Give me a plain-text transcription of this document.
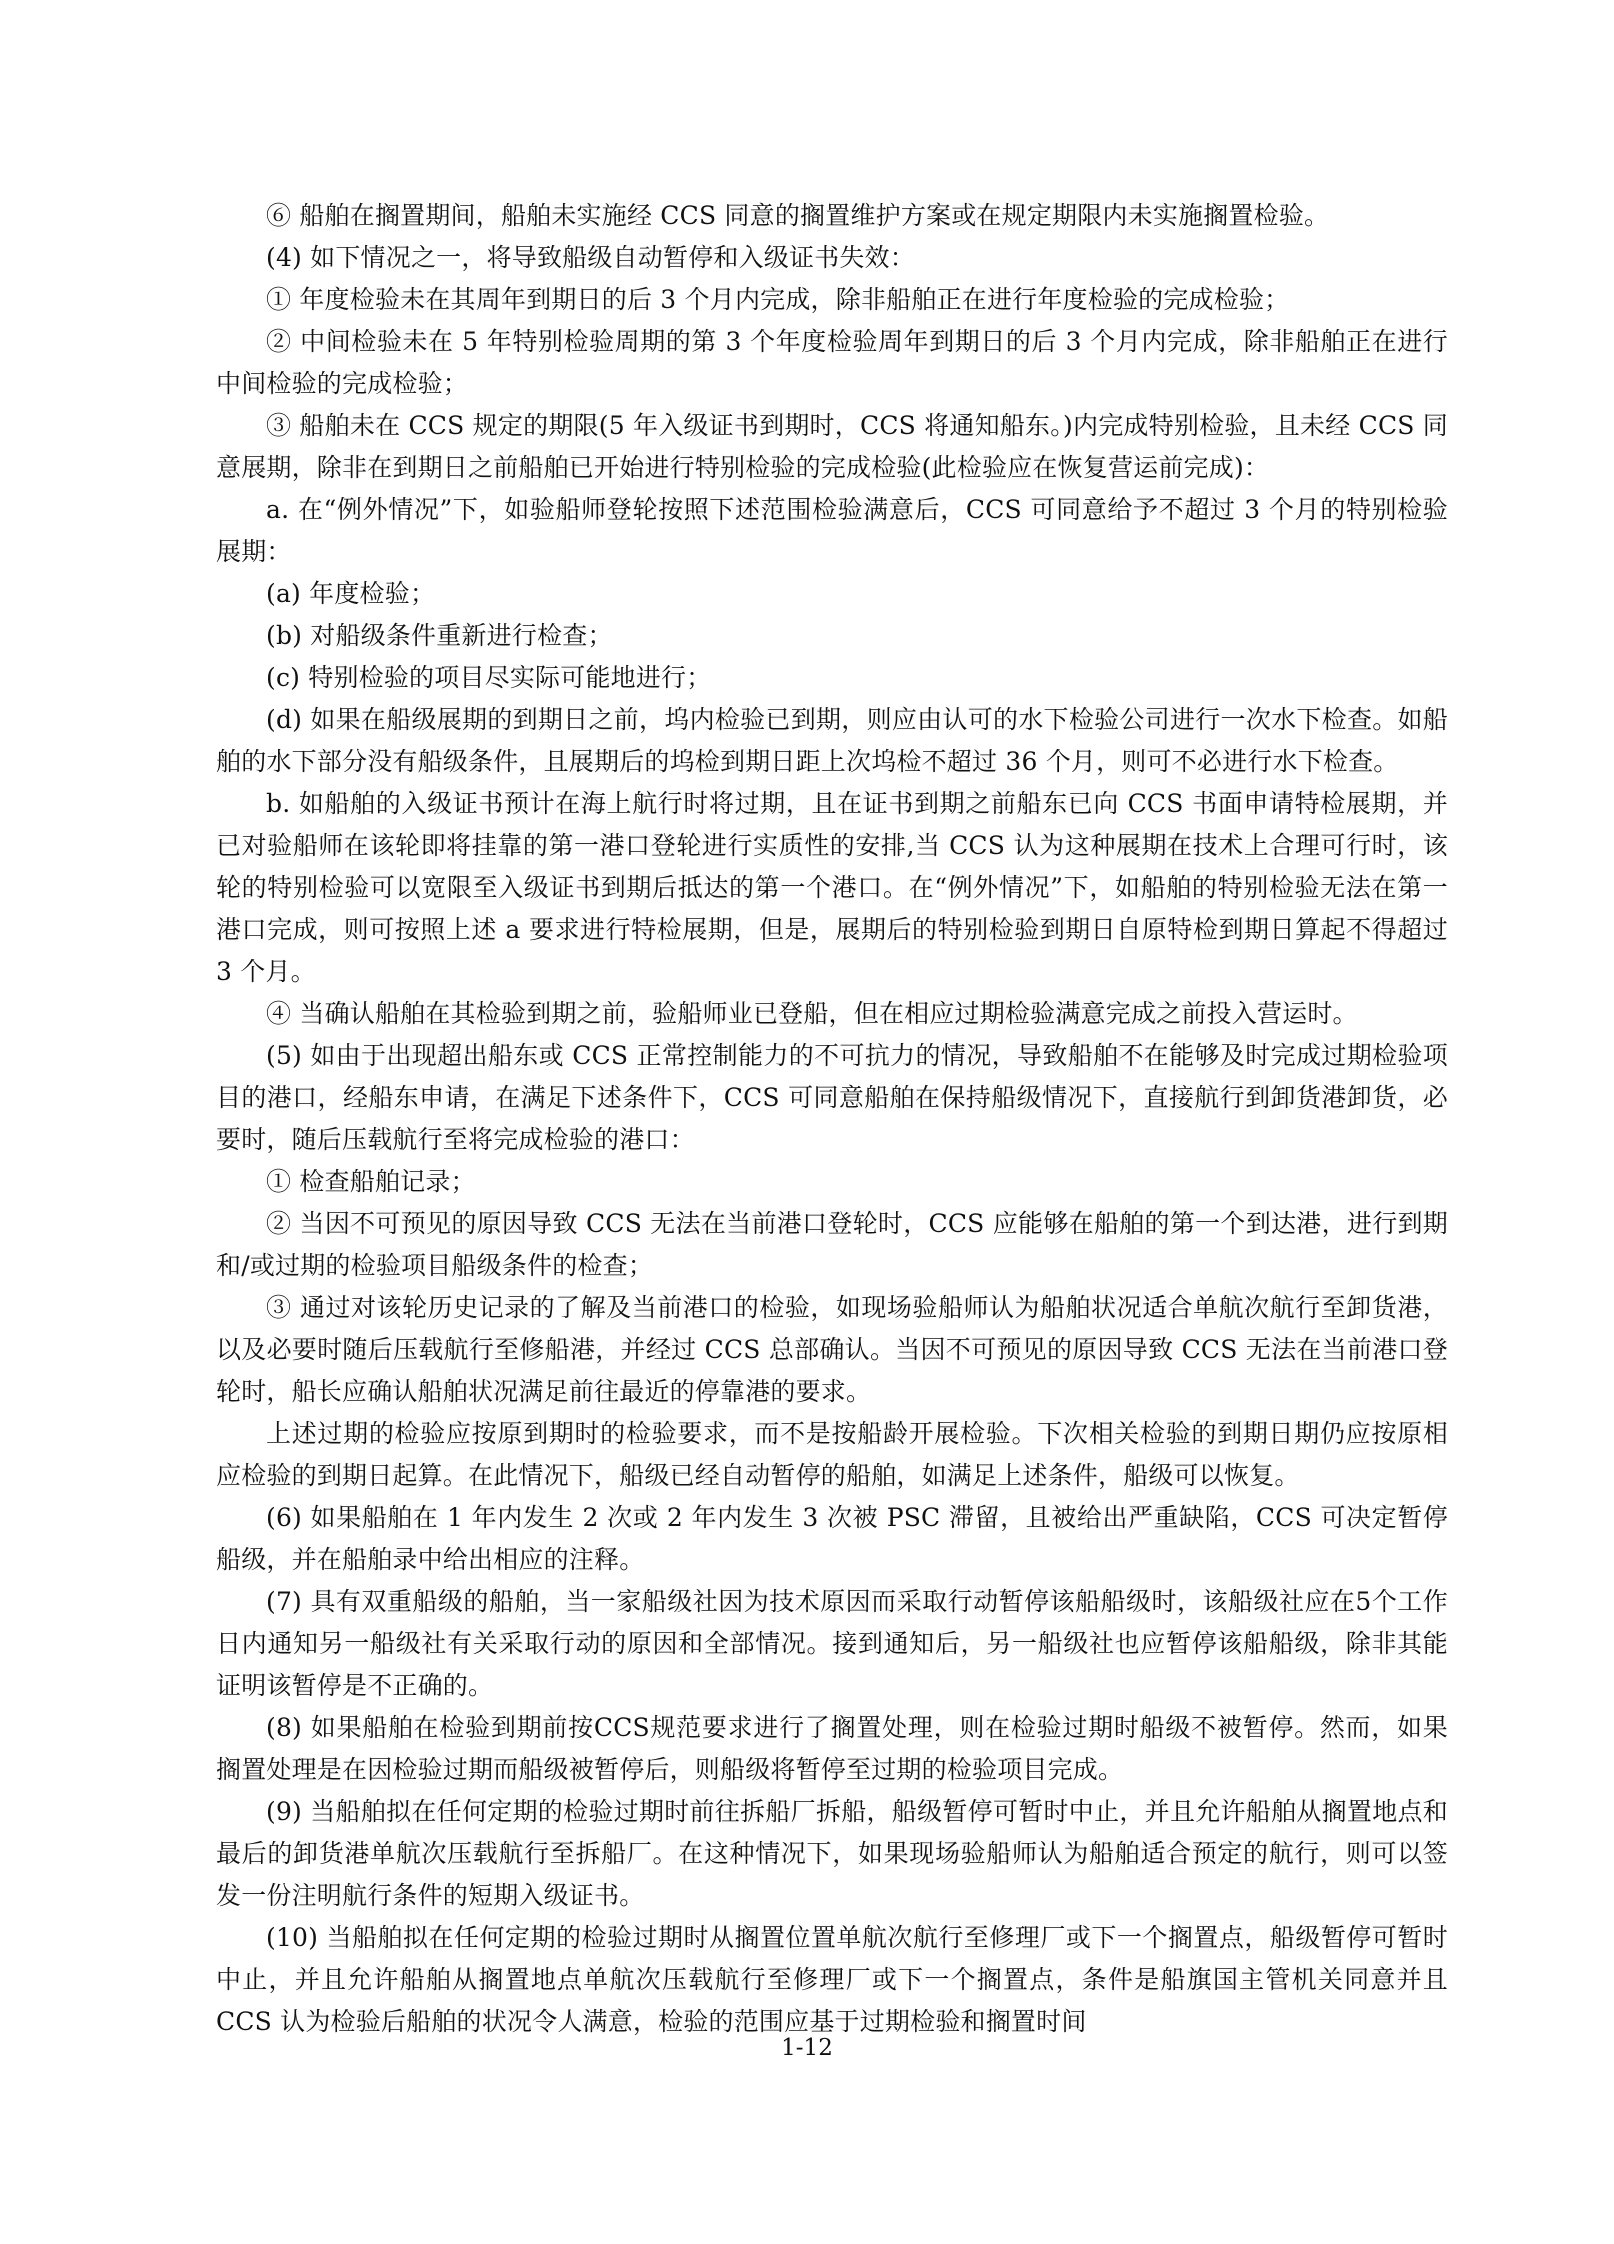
⑥ 船舶在搁置期间，船舶未实施经 CCS 同意的搁置维护方案或在规定期限内未实施搁置检验。

(4) 如下情况之一，将导致船级自动暂停和入级证书失效：

① 年度检验未在其周年到期日的后 3 个月内完成，除非船舶正在进行年度检验的完成检验；

② 中间检验未在 5 年特别检验周期的第 3 个年度检验周年到期日的后 3 个月内完成，除非船舶正在进行中间检验的完成检验；

③ 船舶未在 CCS 规定的期限(5 年入级证书到期时，CCS 将通知船东。)内完成特别检验，且未经 CCS 同意展期，除非在到期日之前船舶已开始进行特别检验的完成检验(此检验应在恢复营运前完成)：

a. 在“例外情况”下，如验船师登轮按照下述范围检验满意后，CCS 可同意给予不超过 3 个月的特别检验展期：

(a) 年度检验；

(b) 对船级条件重新进行检查；

(c) 特别检验的项目尽实际可能地进行；

(d) 如果在船级展期的到期日之前，坞内检验已到期，则应由认可的水下检验公司进行一次水下检查。如船舶的水下部分没有船级条件，且展期后的坞检到期日距上次坞检不超过 36 个月，则可不必进行水下检查。

b. 如船舶的入级证书预计在海上航行时将过期，且在证书到期之前船东已向 CCS 书面申请特检展期，并已对验船师在该轮即将挂靠的第一港口登轮进行实质性的安排,当 CCS 认为这种展期在技术上合理可行时，该轮的特别检验可以宽限至入级证书到期后抵达的第一个港口。在“例外情况”下，如船舶的特别检验无法在第一港口完成，则可按照上述 a 要求进行特检展期，但是，展期后的特别检验到期日自原特检到期日算起不得超过 3 个月。

④ 当确认船舶在其检验到期之前，验船师业已登船，但在相应过期检验满意完成之前投入营运时。

(5) 如由于出现超出船东或 CCS 正常控制能力的不可抗力的情况，导致船舶不在能够及时完成过期检验项目的港口，经船东申请，在满足下述条件下，CCS 可同意船舶在保持船级情况下，直接航行到卸货港卸货，必要时，随后压载航行至将完成检验的港口：

① 检查船舶记录；

② 当因不可预见的原因导致 CCS 无法在当前港口登轮时，CCS 应能够在船舶的第一个到达港，进行到期和/或过期的检验项目船级条件的检查；

③ 通过对该轮历史记录的了解及当前港口的检验，如现场验船师认为船舶状况适合单航次航行至卸货港，以及必要时随后压载航行至修船港，并经过 CCS 总部确认。当因不可预见的原因导致 CCS 无法在当前港口登轮时，船长应确认船舶状况满足前往最近的停靠港的要求。

上述过期的检验应按原到期时的检验要求，而不是按船龄开展检验。下次相关检验的到期日期仍应按原相应检验的到期日起算。在此情况下，船级已经自动暂停的船舶，如满足上述条件，船级可以恢复。

(6) 如果船舶在 1 年内发生 2 次或 2 年内发生 3 次被 PSC 滞留，且被给出严重缺陷，CCS 可决定暂停船级，并在船舶录中给出相应的注释。

(7) 具有双重船级的船舶，当一家船级社因为技术原因而采取行动暂停该船船级时，该船级社应在5个工作日内通知另一船级社有关采取行动的原因和全部情况。接到通知后，另一船级社也应暂停该船船级，除非其能证明该暂停是不正确的。

(8) 如果船舶在检验到期前按CCS规范要求进行了搁置处理，则在检验过期时船级不被暂停。然而，如果搁置处理是在因检验过期而船级被暂停后，则船级将暂停至过期的检验项目完成。

(9) 当船舶拟在任何定期的检验过期时前往拆船厂拆船，船级暂停可暂时中止，并且允许船舶从搁置地点和最后的卸货港单航次压载航行至拆船厂。在这种情况下，如果现场验船师认为船舶适合预定的航行，则可以签发一份注明航行条件的短期入级证书。

(10) 当船舶拟在任何定期的检验过期时从搁置位置单航次航行至修理厂或下一个搁置点，船级暂停可暂时中止，并且允许船舶从搁置地点单航次压载航行至修理厂或下一个搁置点，条件是船旗国主管机关同意并且 CCS 认为检验后船舶的状况令人满意，检验的范围应基于过期检验和搁置时间

1-12
